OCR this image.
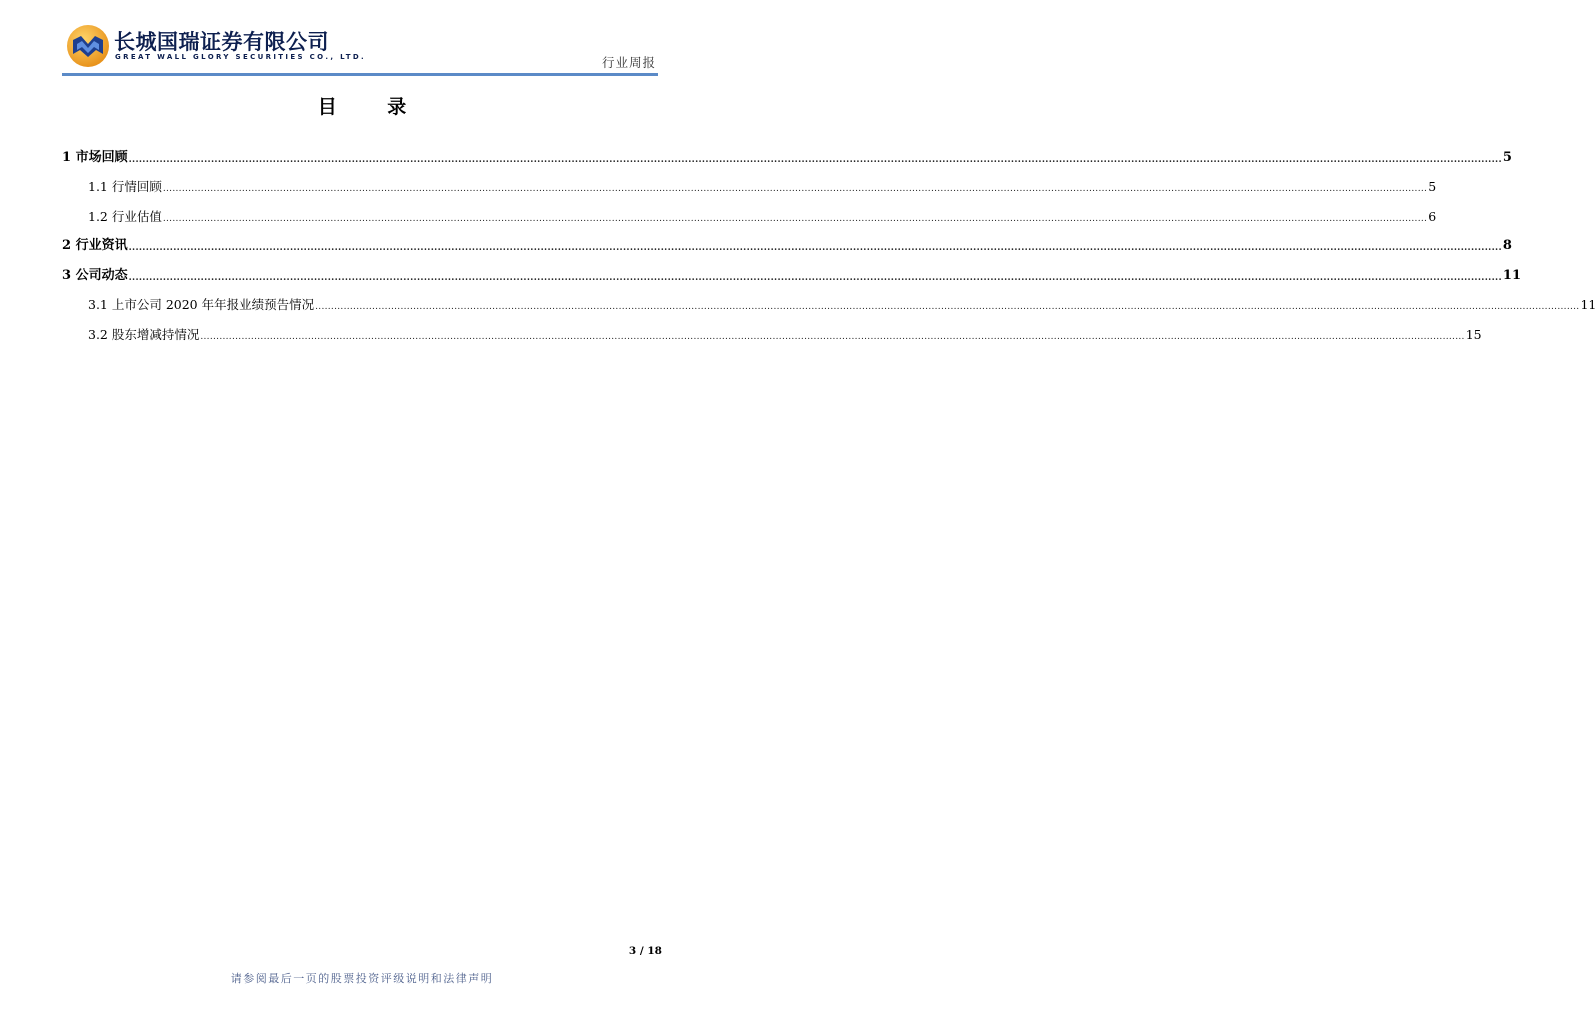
长城国瑞证券有限公司
GREAT WALL GLORY SECURITIES CO., LTD.	行业周报
目 录
1 市场回顾 ................................................................................................................................................................................................................................................................................................................................................................................................................ 5
1.1 行情回顾 ................................................................................................................................................................................................................................................................................................................................................................................................................ 5
1.2 行业估值 ................................................................................................................................................................................................................................................................................................................................................................................................................ 6
2 行业资讯 ................................................................................................................................................................................................................................................................................................................................................................................................................ 8
3 公司动态 ................................................................................................................................................................................................................................................................................................................................................................................................................ 11
3.1 上市公司 2020 年年报业绩预告情况 ................................................................................................................................................................................................................................................................................................................................................................................................................ 11
3.2 股东增减持情况 ................................................................................................................................................................................................................................................................................................................................................................................................................ 15
3 / 18
请参阅最后一页的股票投资评级说明和法律声明
